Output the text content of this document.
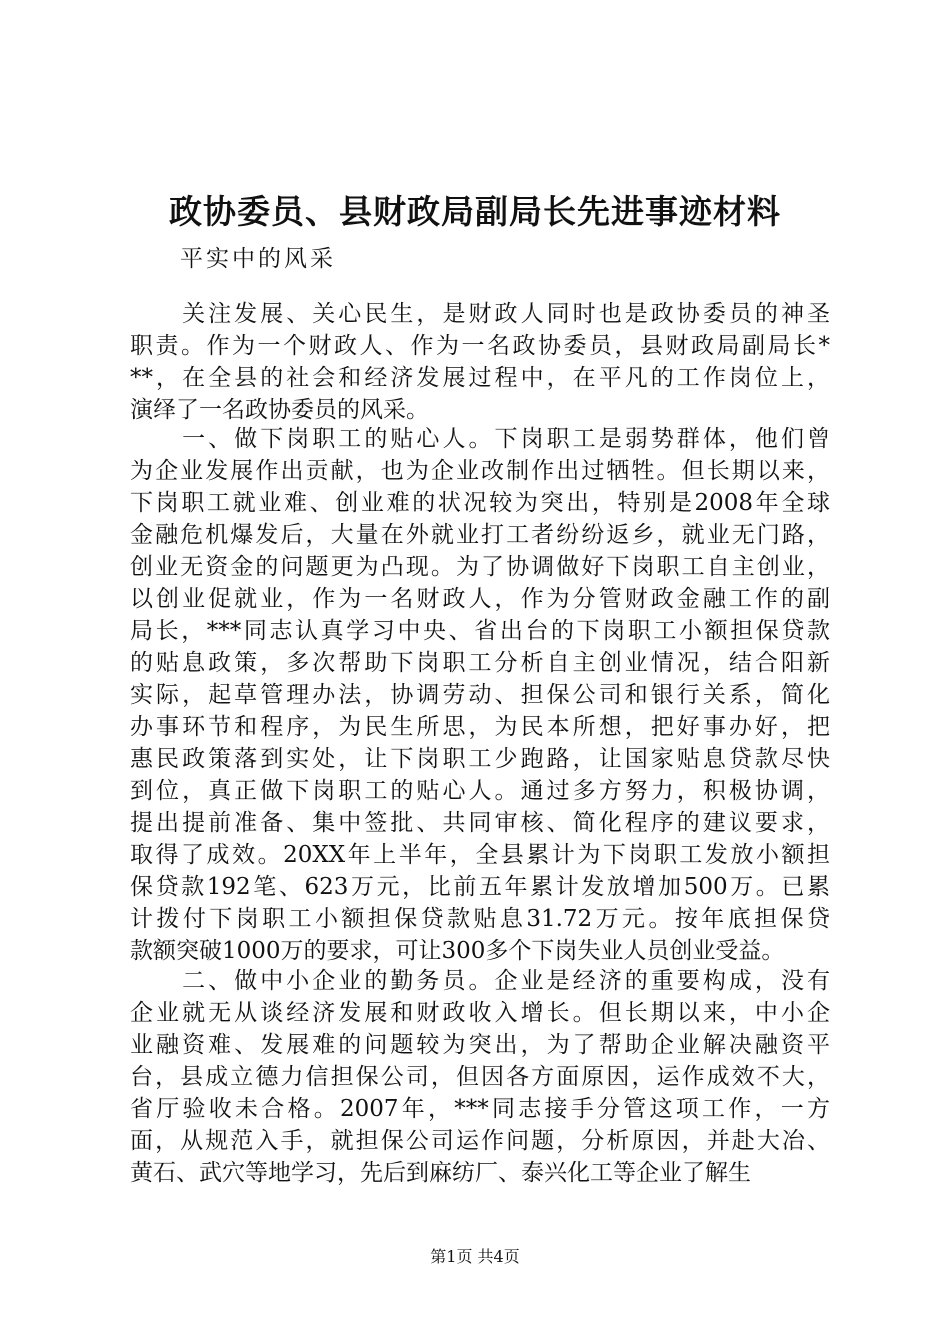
政协委员、县财政局副局长先进事迹材料
平实中的风采
　　关注发展、关心民生，是财政人同时也是政协委员的神圣
职责。作为一个财政人、作为一名政协委员，县财政局副局长*
**，在全县的社会和经济发展过程中，在平凡的工作岗位上，
演绎了一名政协委员的风采。
　　一、做下岗职工的贴心人。下岗职工是弱势群体，他们曾
为企业发展作出贡献，也为企业改制作出过牺牲。但长期以来，
下岗职工就业难、创业难的状况较为突出，特别是2008年全球
金融危机爆发后，大量在外就业打工者纷纷返乡，就业无门路，
创业无资金的问题更为凸现。为了协调做好下岗职工自主创业，
以创业促就业，作为一名财政人，作为分管财政金融工作的副
局长，***同志认真学习中央、省出台的下岗职工小额担保贷款
的贴息政策，多次帮助下岗职工分析自主创业情况，结合阳新
实际，起草管理办法，协调劳动、担保公司和银行关系，简化
办事环节和程序，为民生所思，为民本所想，把好事办好，把
惠民政策落到实处，让下岗职工少跑路，让国家贴息贷款尽快
到位，真正做下岗职工的贴心人。通过多方努力，积极协调，
提出提前准备、集中签批、共同审核、简化程序的建议要求，
取得了成效。20XX年上半年，全县累计为下岗职工发放小额担
保贷款192笔、623万元，比前五年累计发放增加500万。已累
计拨付下岗职工小额担保贷款贴息31.72万元。按年底担保贷
款额突破1000万的要求，可让300多个下岗失业人员创业受益。
　　二、做中小企业的勤务员。企业是经济的重要构成，没有
企业就无从谈经济发展和财政收入增长。但长期以来，中小企
业融资难、发展难的问题较为突出，为了帮助企业解决融资平
台，县成立德力信担保公司，但因各方面原因，运作成效不大，
省厅验收未合格。2007年，***同志接手分管这项工作，一方
面，从规范入手，就担保公司运作问题，分析原因，并赴大冶、
黄石、武穴等地学习，先后到麻纺厂、泰兴化工等企业了解生
第1页 共4页
